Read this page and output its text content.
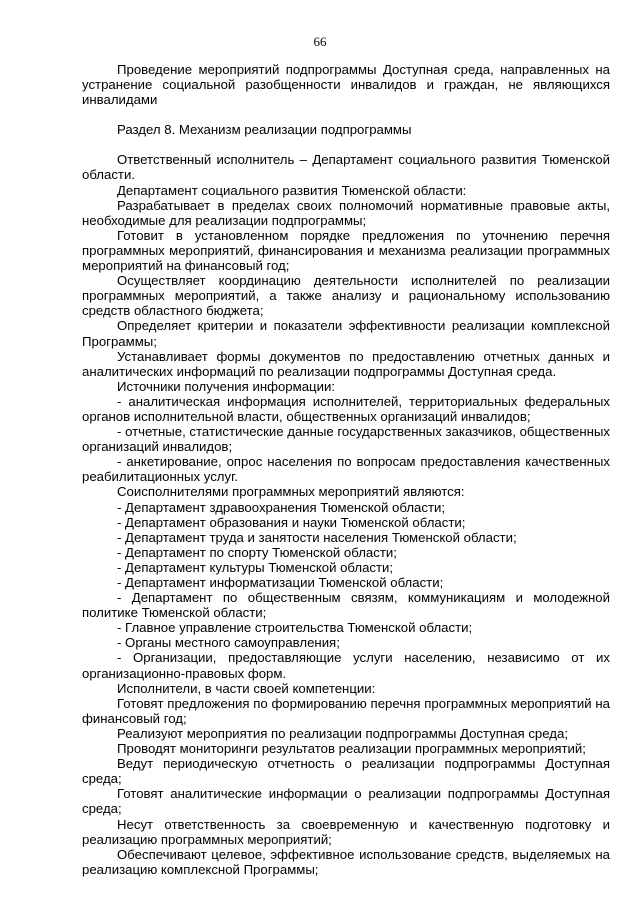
66

Проведение мероприятий подпрограммы Доступная среда, направленных на устранение социальной разобщенности инвалидов и граждан, не являющихся инвалидами

Раздел 8. Механизм реализации подпрограммы

Ответственный исполнитель – Департамент социального развития Тюменской области.

Департамент социального развития Тюменской области:

Разрабатывает в пределах своих полномочий нормативные правовые акты, необходимые для реализации подпрограммы;

Готовит в установленном порядке предложения по уточнению перечня программных мероприятий, финансирования и механизма реализации программных мероприятий на финансовый год;

Осуществляет координацию деятельности исполнителей по реализации программных мероприятий, а также анализу и рациональному использованию средств областного бюджета;

Определяет критерии и показатели эффективности реализации комплексной Программы;

Устанавливает формы документов по предоставлению отчетных данных и аналитических информаций по реализации подпрограммы Доступная среда.

Источники получения информации:

- аналитическая информация исполнителей, территориальных федеральных органов исполнительной власти, общественных организаций инвалидов;

- отчетные, статистические данные государственных заказчиков, общественных организаций инвалидов;

- анкетирование, опрос населения по вопросам предоставления качественных реабилитационных услуг.

Соисполнителями программных мероприятий являются:

- Департамент здравоохранения Тюменской области;

- Департамент образования и науки Тюменской области;

- Департамент труда и занятости населения Тюменской области;

- Департамент по спорту Тюменской области;

- Департамент культуры Тюменской области;

- Департамент информатизации Тюменской области;

- Департамент по общественным связям, коммуникациям и молодежной политике Тюменской области;

- Главное управление строительства Тюменской области;

- Органы местного самоуправления;

- Организации, предоставляющие услуги населению, независимо от их организационно-правовых форм.

Исполнители, в части своей компетенции:

Готовят предложения по формированию перечня программных мероприятий на финансовый год;

Реализуют мероприятия по реализации подпрограммы Доступная среда;

Проводят мониторинги результатов реализации программных мероприятий;

Ведут периодическую отчетность о реализации подпрограммы Доступная среда;

Готовят аналитические информации о реализации подпрограммы Доступная среда;

Несут ответственность за своевременную и качественную подготовку и реализацию программных мероприятий;

Обеспечивают целевое, эффективное использование средств, выделяемых на реализацию комплексной Программы;
